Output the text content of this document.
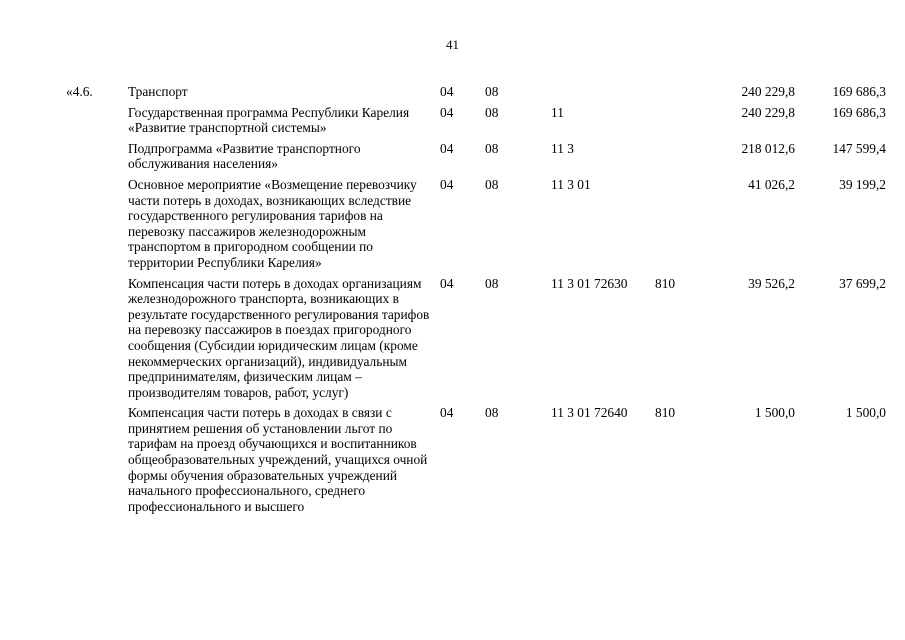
41
«4.6.	Транспорт	04	08			240 229,8	169 686,3
	Государственная программа Республики Карелия «Развитие транспортной системы»	04	08	11		240 229,8	169 686,3
	Подпрограмма «Развитие транспортного обслуживания населения»	04	08	11 3		218 012,6	147 599,4
	Основное мероприятие «Возмещение перевозчику части потерь в доходах, возникающих вследствие государственного регулирования тарифов на перевозку пассажиров железнодорожным транспортом в пригородном сообщении по территории Республики Карелия»	04	08	11 3 01		41 026,2	39 199,2
	Компенсация части потерь в доходах организациям железнодорожного транспорта, возникающих в результате государственного регулирования тарифов на перевозку пассажиров в поездах пригородного сообщения (Субсидии юридическим лицам (кроме некоммерческих организаций), индивидуальным предпринимателям, физическим лицам – производителям товаров, работ, услуг)	04	08	11 3 01 72630	810	39 526,2	37 699,2
	Компенсация части потерь в доходах в связи с принятием решения об установлении льгот по тарифам на проезд обучающихся и воспитанников общеобразовательных учреждений, учащихся очной формы обучения образовательных учреждений начального профессионального, среднего профессионального и высшего	04	08	11 3 01 72640	810	1 500,0	1 500,0
